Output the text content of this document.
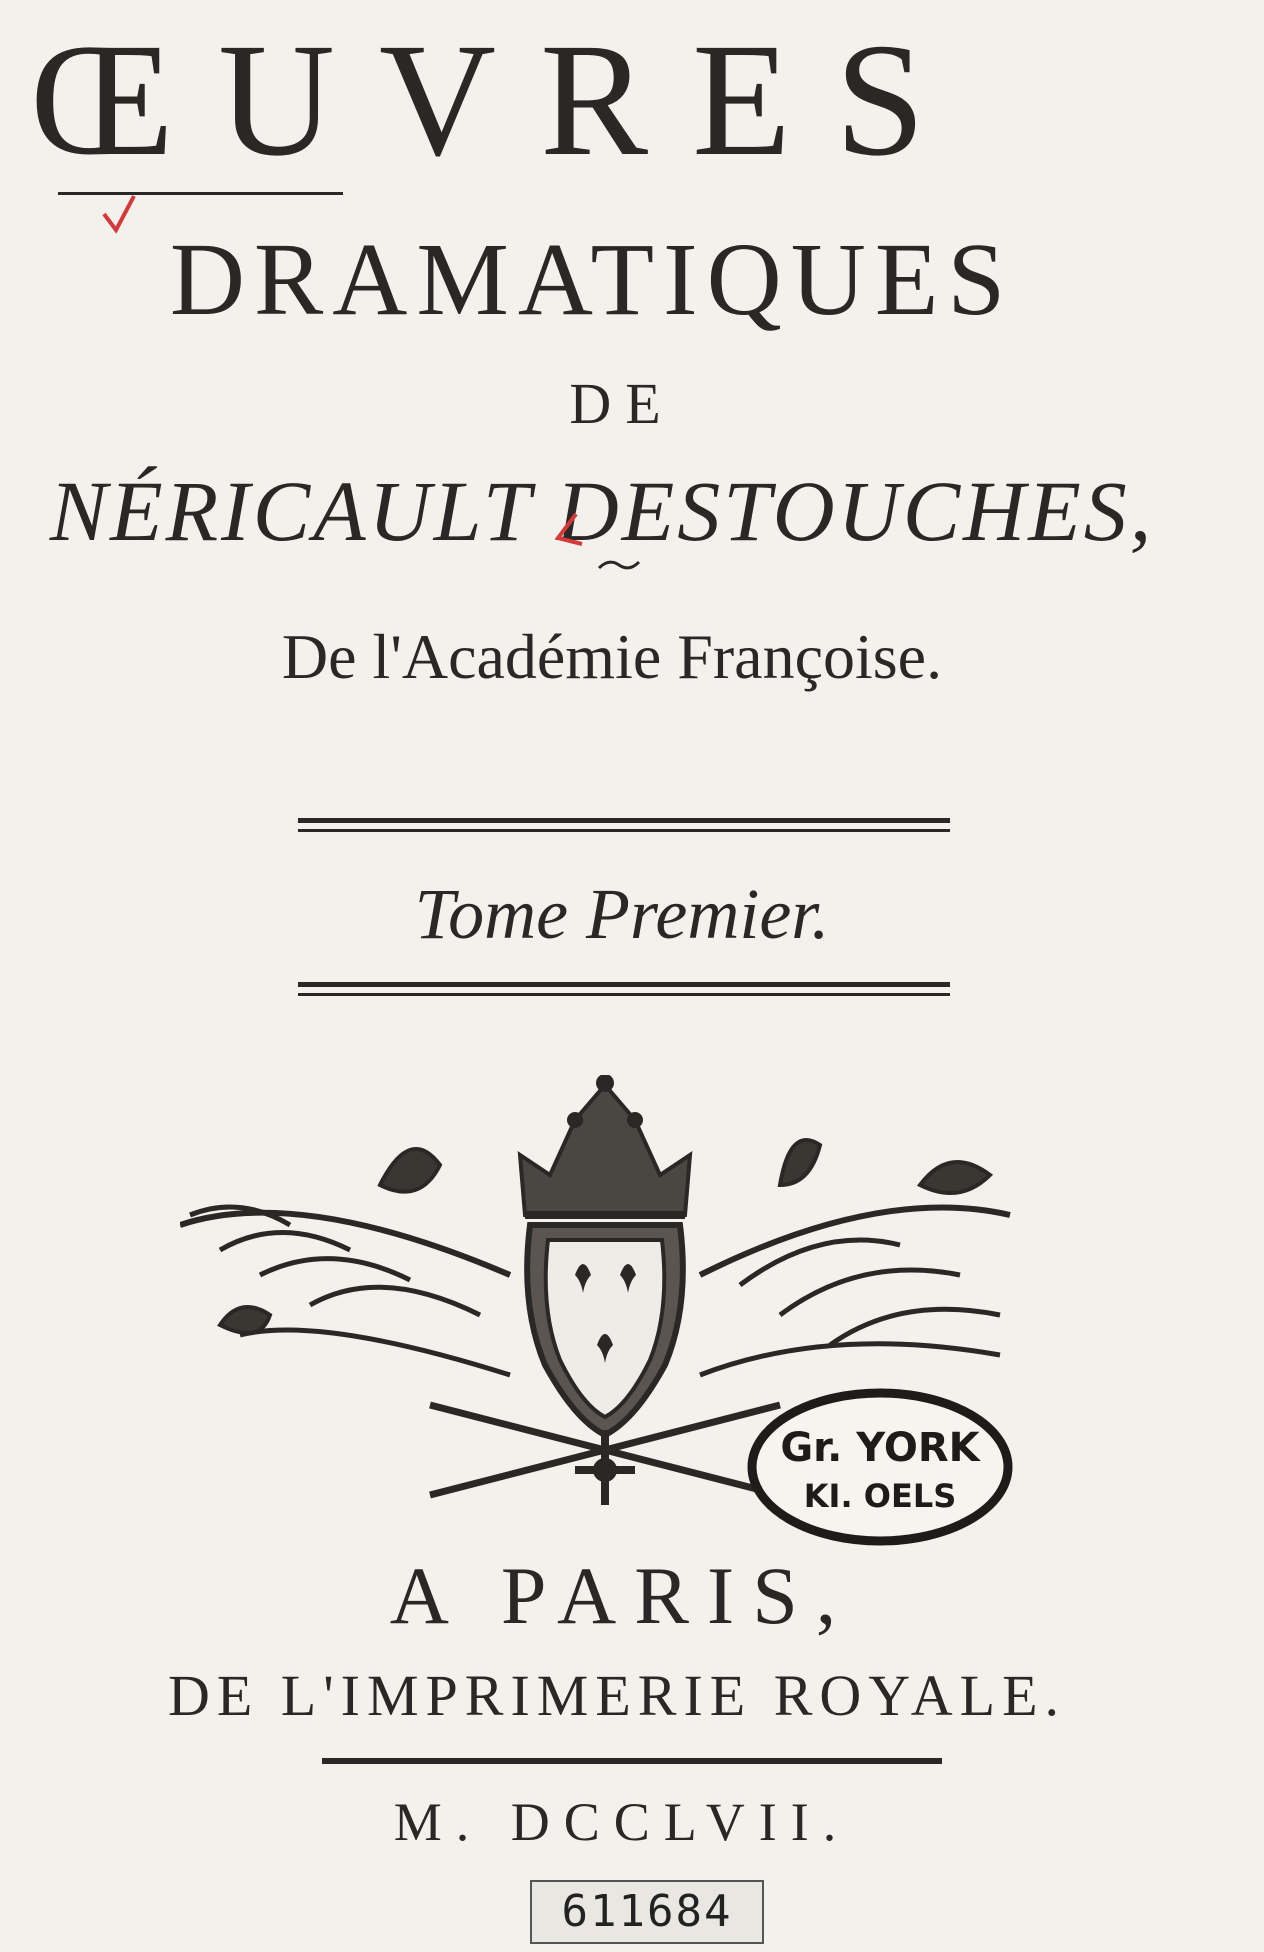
ŒUVRES
DRAMATIQUES
DE
NÉRICAULT DESTOUCHES,
De l'Académie Françoise.
Tome Premier.
Gr. YORK
KI. OELS
A PARIS,
DE L'IMPRIMERIE ROYALE.
M. DCCLVII.
611684
